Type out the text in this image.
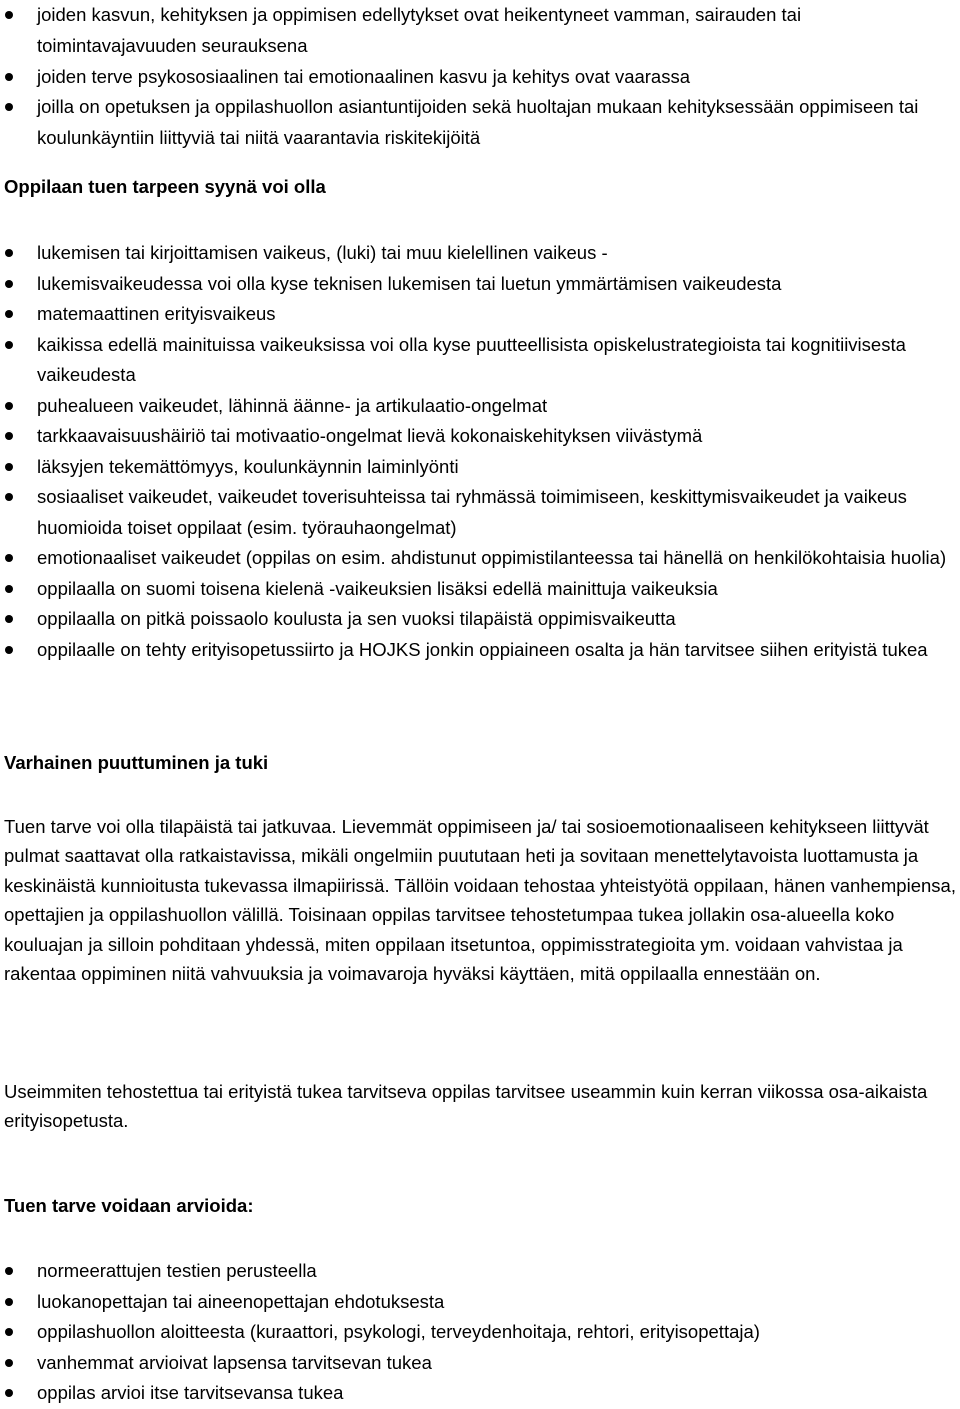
joiden kasvun, kehityksen ja oppimisen edellytykset ovat heikentyneet vamman, sairauden tai toimintavajavuuden seurauksena
joiden terve psykososiaalinen tai emotionaalinen kasvu ja kehitys ovat vaarassa
joilla on opetuksen ja oppilashuollon asiantuntijoiden sekä huoltajan mukaan kehityksessään oppimiseen tai koulunkäyntiin liittyviä tai niitä vaarantavia riskitekijöitä
Oppilaan tuen tarpeen syynä voi olla
lukemisen tai kirjoittamisen vaikeus, (luki) tai muu kielellinen vaikeus -
lukemisvaikeudessa voi olla kyse teknisen lukemisen tai luetun ymmärtämisen vaikeudesta
matemaattinen erityisvaikeus
kaikissa edellä mainituissa vaikeuksissa voi olla kyse puutteellisista opiskelustrategioista tai kognitiivisesta vaikeudesta
puhealueen vaikeudet, lähinnä äänne- ja artikulaatio-ongelmat
tarkkaavaisuushäiriö tai motivaatio-ongelmat lievä kokonaiskehityksen viivästymä
läksyjen tekemättömyys, koulunkäynnin laiminlyönti
sosiaaliset vaikeudet, vaikeudet toverisuhteissa tai ryhmässä toimimiseen, keskittymisvaikeudet ja vaikeus huomioida toiset oppilaat (esim. työrauhaongelmat)
emotionaaliset vaikeudet (oppilas on esim. ahdistunut oppimistilanteessa tai hänellä on henkilökohtaisia huolia)
oppilaalla on suomi toisena kielenä -vaikeuksien lisäksi edellä mainittuja vaikeuksia
oppilaalla on pitkä poissaolo koulusta ja sen vuoksi tilapäistä oppimisvaikeutta
oppilaalle on tehty erityisopetussiirto ja HOJKS jonkin oppiaineen osalta ja hän tarvitsee siihen erityistä tukea
Varhainen puuttuminen ja tuki
Tuen tarve voi olla tilapäistä tai jatkuvaa. Lievemmät oppimiseen ja/ tai sosioemotionaaliseen kehitykseen liittyvät pulmat saattavat olla ratkaistavissa, mikäli ongelmiin puututaan heti ja sovitaan menettelytavoista luottamusta ja keskinäistä kunnioitusta tukevassa ilmapiirissä. Tällöin voidaan tehostaa yhteistyötä oppilaan, hänen vanhempiensa, opettajien ja oppilashuollon välillä. Toisinaan oppilas tarvitsee tehostetumpaa tukea jollakin osa-alueella koko kouluajan ja silloin pohditaan yhdessä, miten oppilaan itsetuntoa, oppimisstrategioita ym. voidaan vahvistaa ja rakentaa oppiminen niitä vahvuuksia ja voimavaroja hyväksi käyttäen, mitä oppilaalla ennestään on.
Useimmiten tehostettua tai erityistä tukea tarvitseva oppilas tarvitsee useammin kuin kerran viikossa osa-aikaista erityisopetusta.
Tuen tarve voidaan arvioida:
normeerattujen testien perusteella
luokanopettajan tai aineenopettajan ehdotuksesta
oppilashuollon aloitteesta (kuraattori, psykologi, terveydenhoitaja, rehtori, erityisopettaja)
vanhemmat arvioivat lapsensa tarvitsevan tukea
oppilas arvioi itse tarvitsevansa tukea
